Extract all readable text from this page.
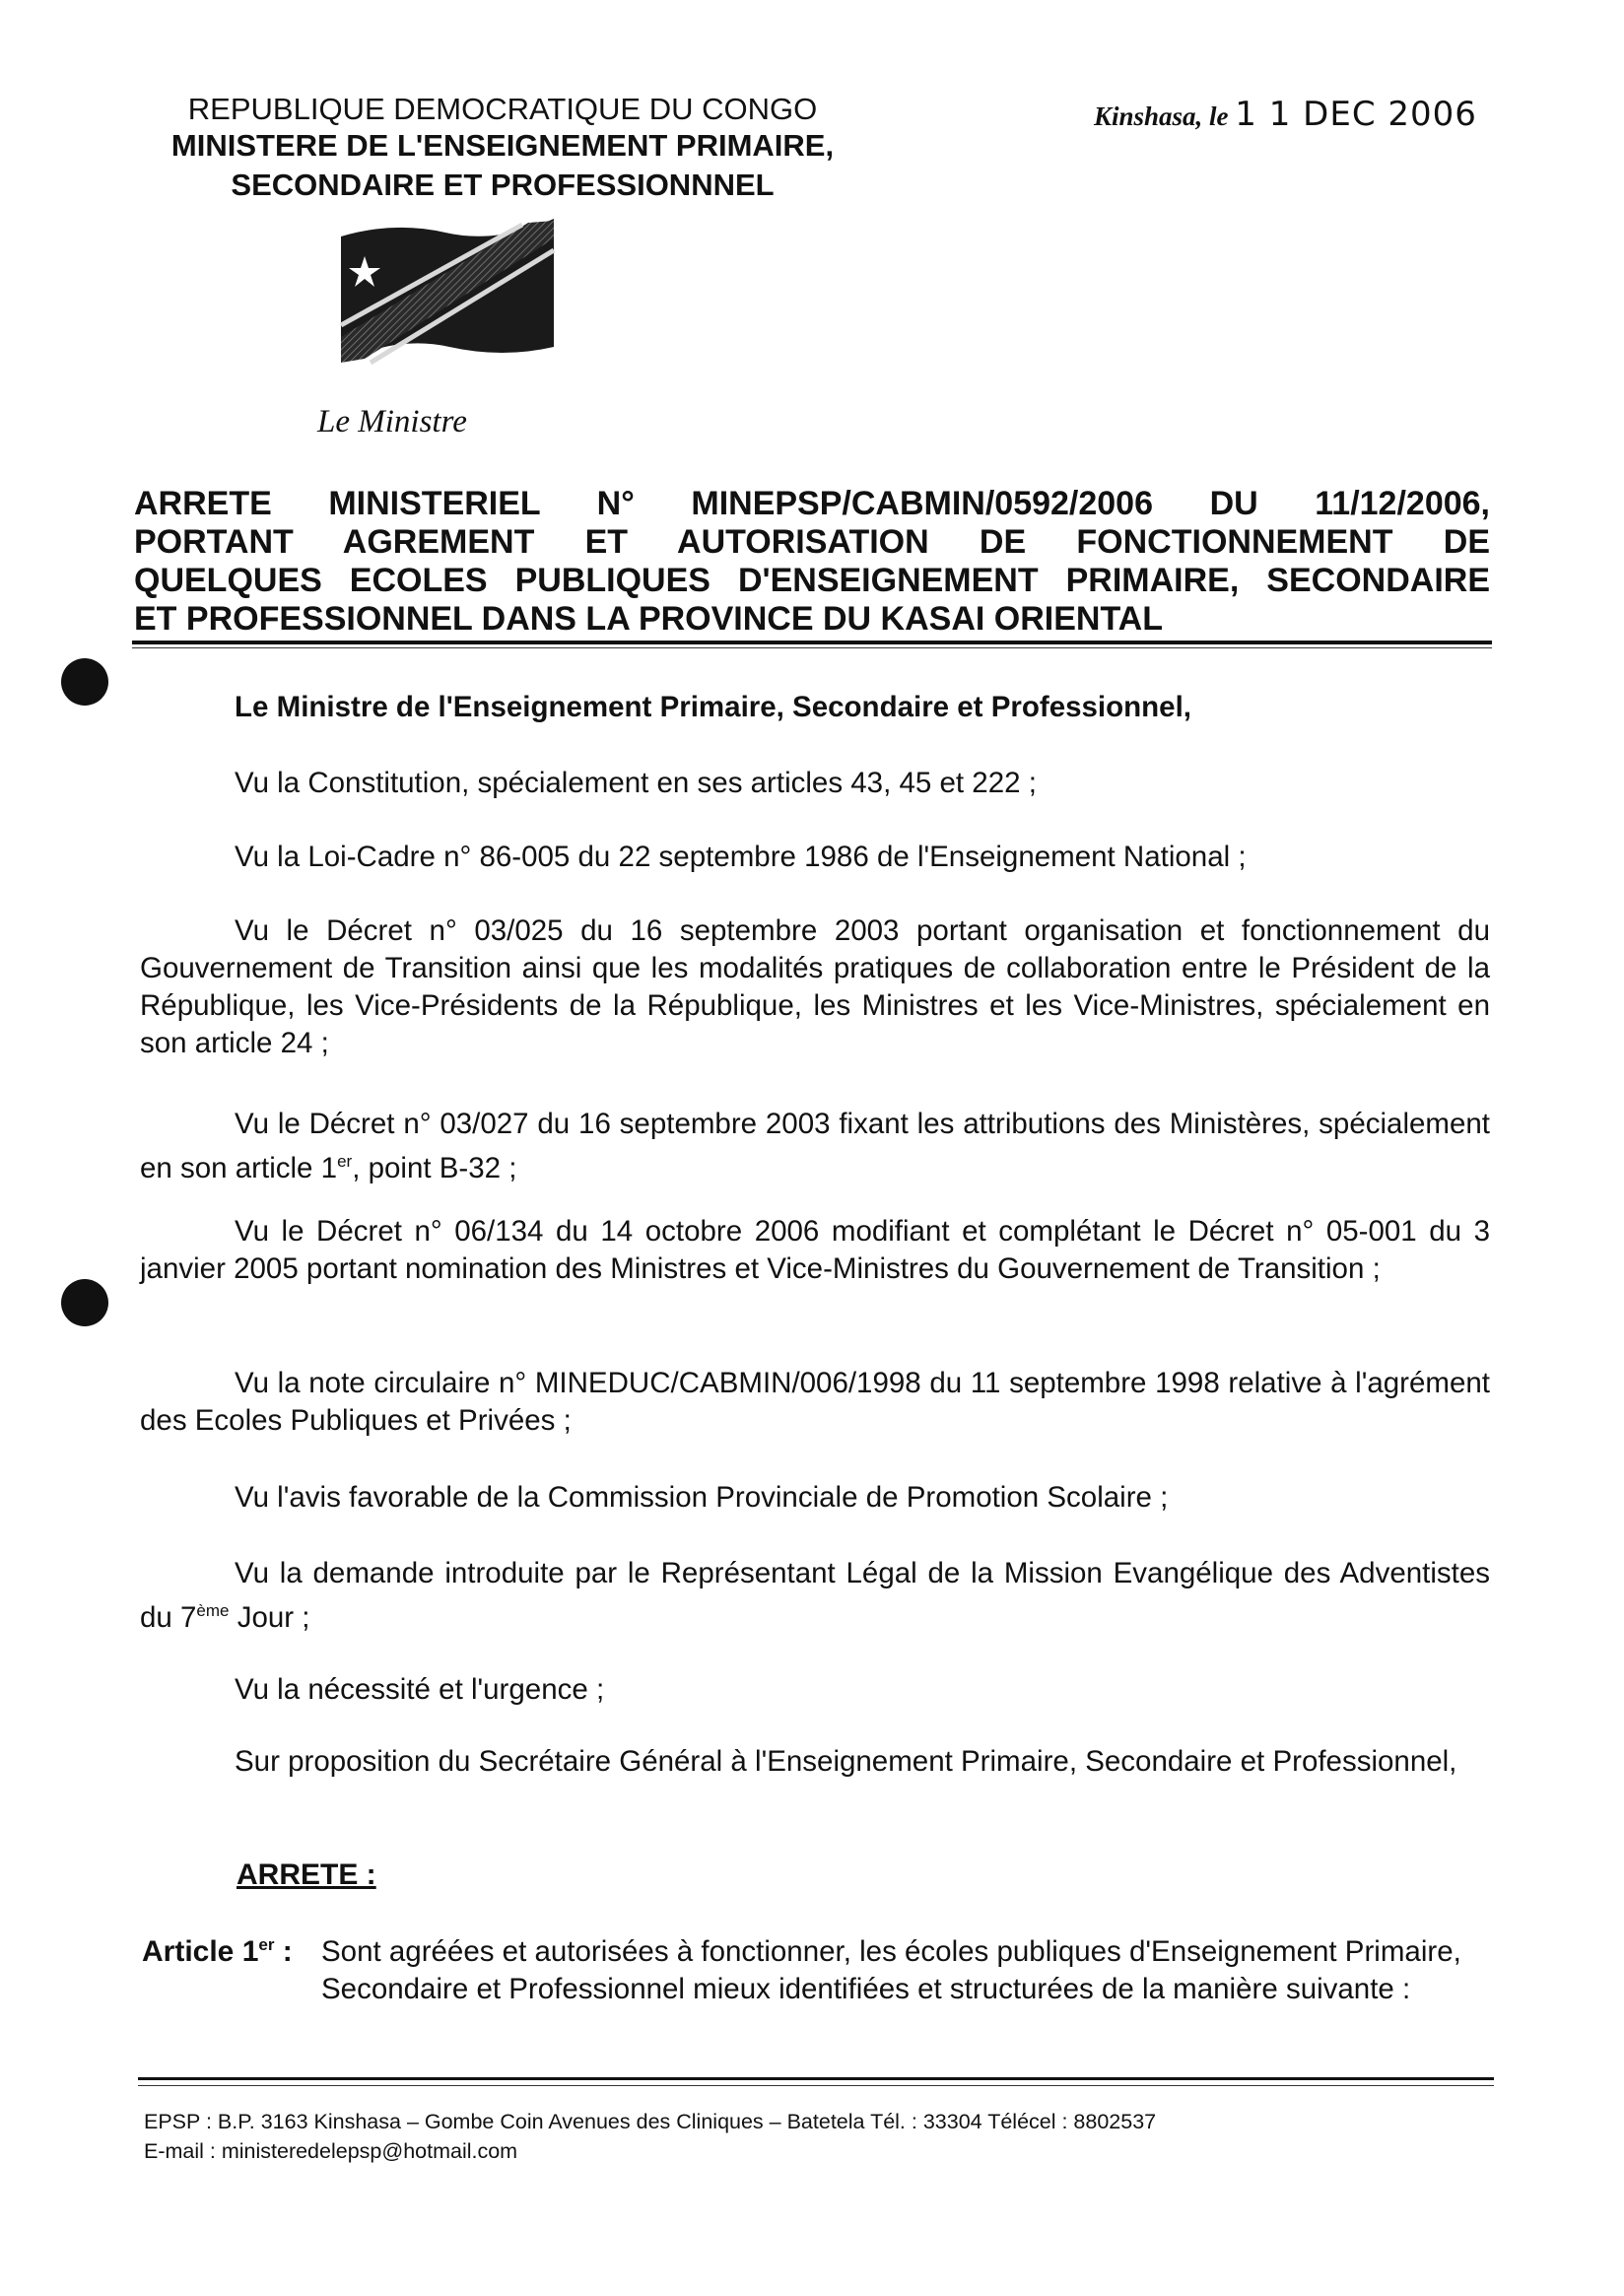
REPUBLIQUE DEMOCRATIQUE DU CONGO
MINISTERE DE L'ENSEIGNEMENT PRIMAIRE,
SECONDAIRE ET PROFESSIONNNEL
Kinshasa, le 1 1 DEC 2006
Le Ministre
ARRETE MINISTERIEL N° MINEPSP/CABMIN/0592/2006 DU 11/12/2006,
PORTANT AGREMENT ET AUTORISATION DE FONCTIONNEMENT DE
QUELQUES ECOLES PUBLIQUES D'ENSEIGNEMENT PRIMAIRE, SECONDAIRE
ET PROFESSIONNEL DANS LA PROVINCE DU KASAI ORIENTAL
Le Ministre de l'Enseignement Primaire, Secondaire et Professionnel,
Vu la Constitution, spécialement en ses articles 43, 45 et 222 ;
Vu la Loi-Cadre n° 86-005 du 22 septembre 1986 de l'Enseignement National ;
Vu le Décret n° 03/025 du 16 septembre 2003 portant organisation et fonctionnement du Gouvernement de Transition ainsi que les modalités pratiques de collaboration entre le Président de la République, les Vice-Présidents de la République, les Ministres et les Vice-Ministres, spécialement en son article 24 ;
Vu le Décret n° 03/027 du 16 septembre 2003 fixant les attributions des Ministères, spécialement en son article 1er, point B-32 ;
Vu le Décret n° 06/134 du 14 octobre 2006 modifiant et complétant le Décret n° 05-001 du 3 janvier 2005 portant nomination des Ministres et Vice-Ministres du Gouvernement de Transition ;
Vu la note circulaire n° MINEDUC/CABMIN/006/1998 du 11 septembre 1998 relative à l'agrément des Ecoles Publiques et Privées ;
Vu l'avis favorable de la Commission Provinciale de Promotion Scolaire ;
Vu la demande introduite par le Représentant Légal de la Mission Evangélique des Adventistes du 7ème Jour ;
Vu la nécessité et l'urgence ;
Sur proposition du Secrétaire Général à l'Enseignement Primaire, Secondaire et Professionnel,
ARRETE :
Article 1er : Sont agréées et autorisées à fonctionner, les écoles publiques d'Enseignement Primaire, Secondaire et Professionnel mieux identifiées et structurées de la manière suivante :
EPSP : B.P. 3163 Kinshasa – Gombe Coin Avenues des Cliniques – Batetela Tél. : 33304 Télécel : 8802537
E-mail : ministeredelepsp@hotmail.com
